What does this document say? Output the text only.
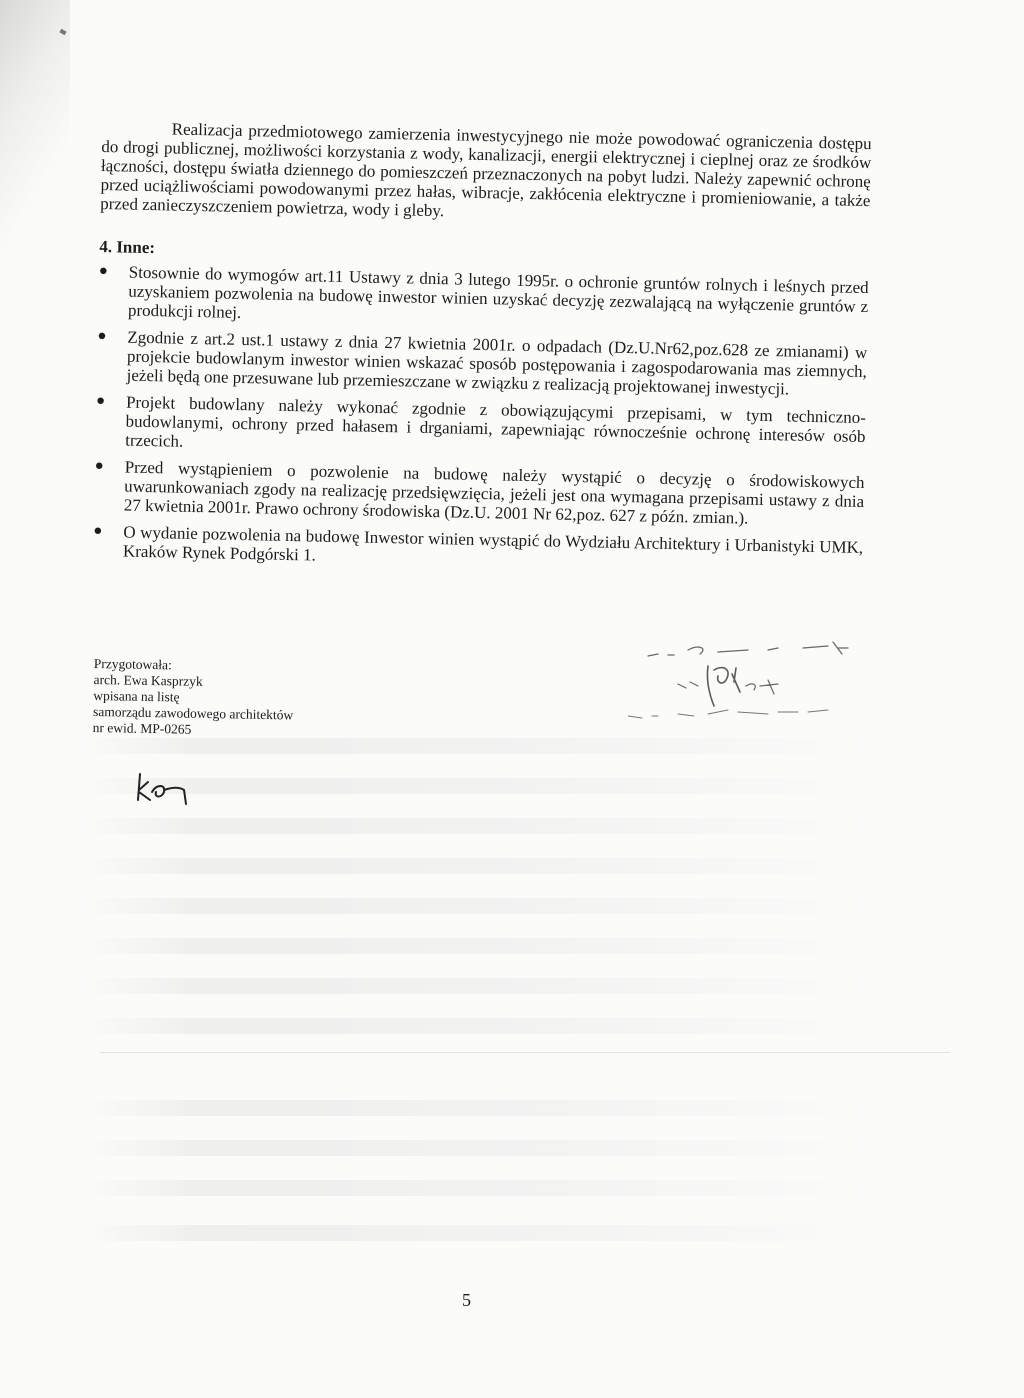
Realizacja przedmiotowego zamierzenia inwestycyjnego nie może powodować ograniczenia dostępu do drogi publicznej, możliwości korzystania z wody, kanalizacji, energii elektrycznej i cieplnej oraz ze środków łączności, dostępu światła dziennego do pomieszczeń przeznaczonych na pobyt ludzi. Należy zapewnić ochronę przed uciążliwościami powodowanymi przez hałas, wibracje, zakłócenia elektryczne i promieniowanie, a także przed zanieczyszczeniem powietrza, wody i gleby.

4. Inne:
● Stosownie do wymogów art.11 Ustawy z dnia 3 lutego 1995r. o ochronie gruntów rolnych i leśnych przed uzyskaniem pozwolenia na budowę inwestor winien uzyskać decyzję zezwalającą na wyłączenie gruntów z produkcji rolnej.
● Zgodnie z art.2 ust.1 ustawy z dnia 27 kwietnia 2001r. o odpadach (Dz.U.Nr62,poz.628 ze zmianami) w projekcie budowlanym inwestor winien wskazać sposób postępowania i zagospodarowania mas ziemnych, jeżeli będą one przesuwane lub przemieszczane w związku z realizacją projektowanej inwestycji.
● Projekt budowlany należy wykonać zgodnie z obowiązującymi przepisami, w tym techniczno-budowlanymi, ochrony przed hałasem i drganiami, zapewniając równocześnie ochronę interesów osób trzecich.
● Przed wystąpieniem o pozwolenie na budowę należy wystąpić o decyzję o środowiskowych uwarunkowaniach zgody na realizację przedsięwzięcia, jeżeli jest ona wymagana przepisami ustawy z dnia 27 kwietnia 2001r. Prawo ochrony środowiska (Dz.U. 2001 Nr 62,poz. 627 z późn. zmian.).
● O wydanie pozwolenia na budowę Inwestor winien wystąpić do Wydziału Architektury i Urbanistyki UMK, Kraków Rynek Podgórski 1.
Przygotowała:
arch. Ewa Kasprzyk
wpisana na listę
samorządu zawodowego architektów
nr ewid. MP-0265
5
